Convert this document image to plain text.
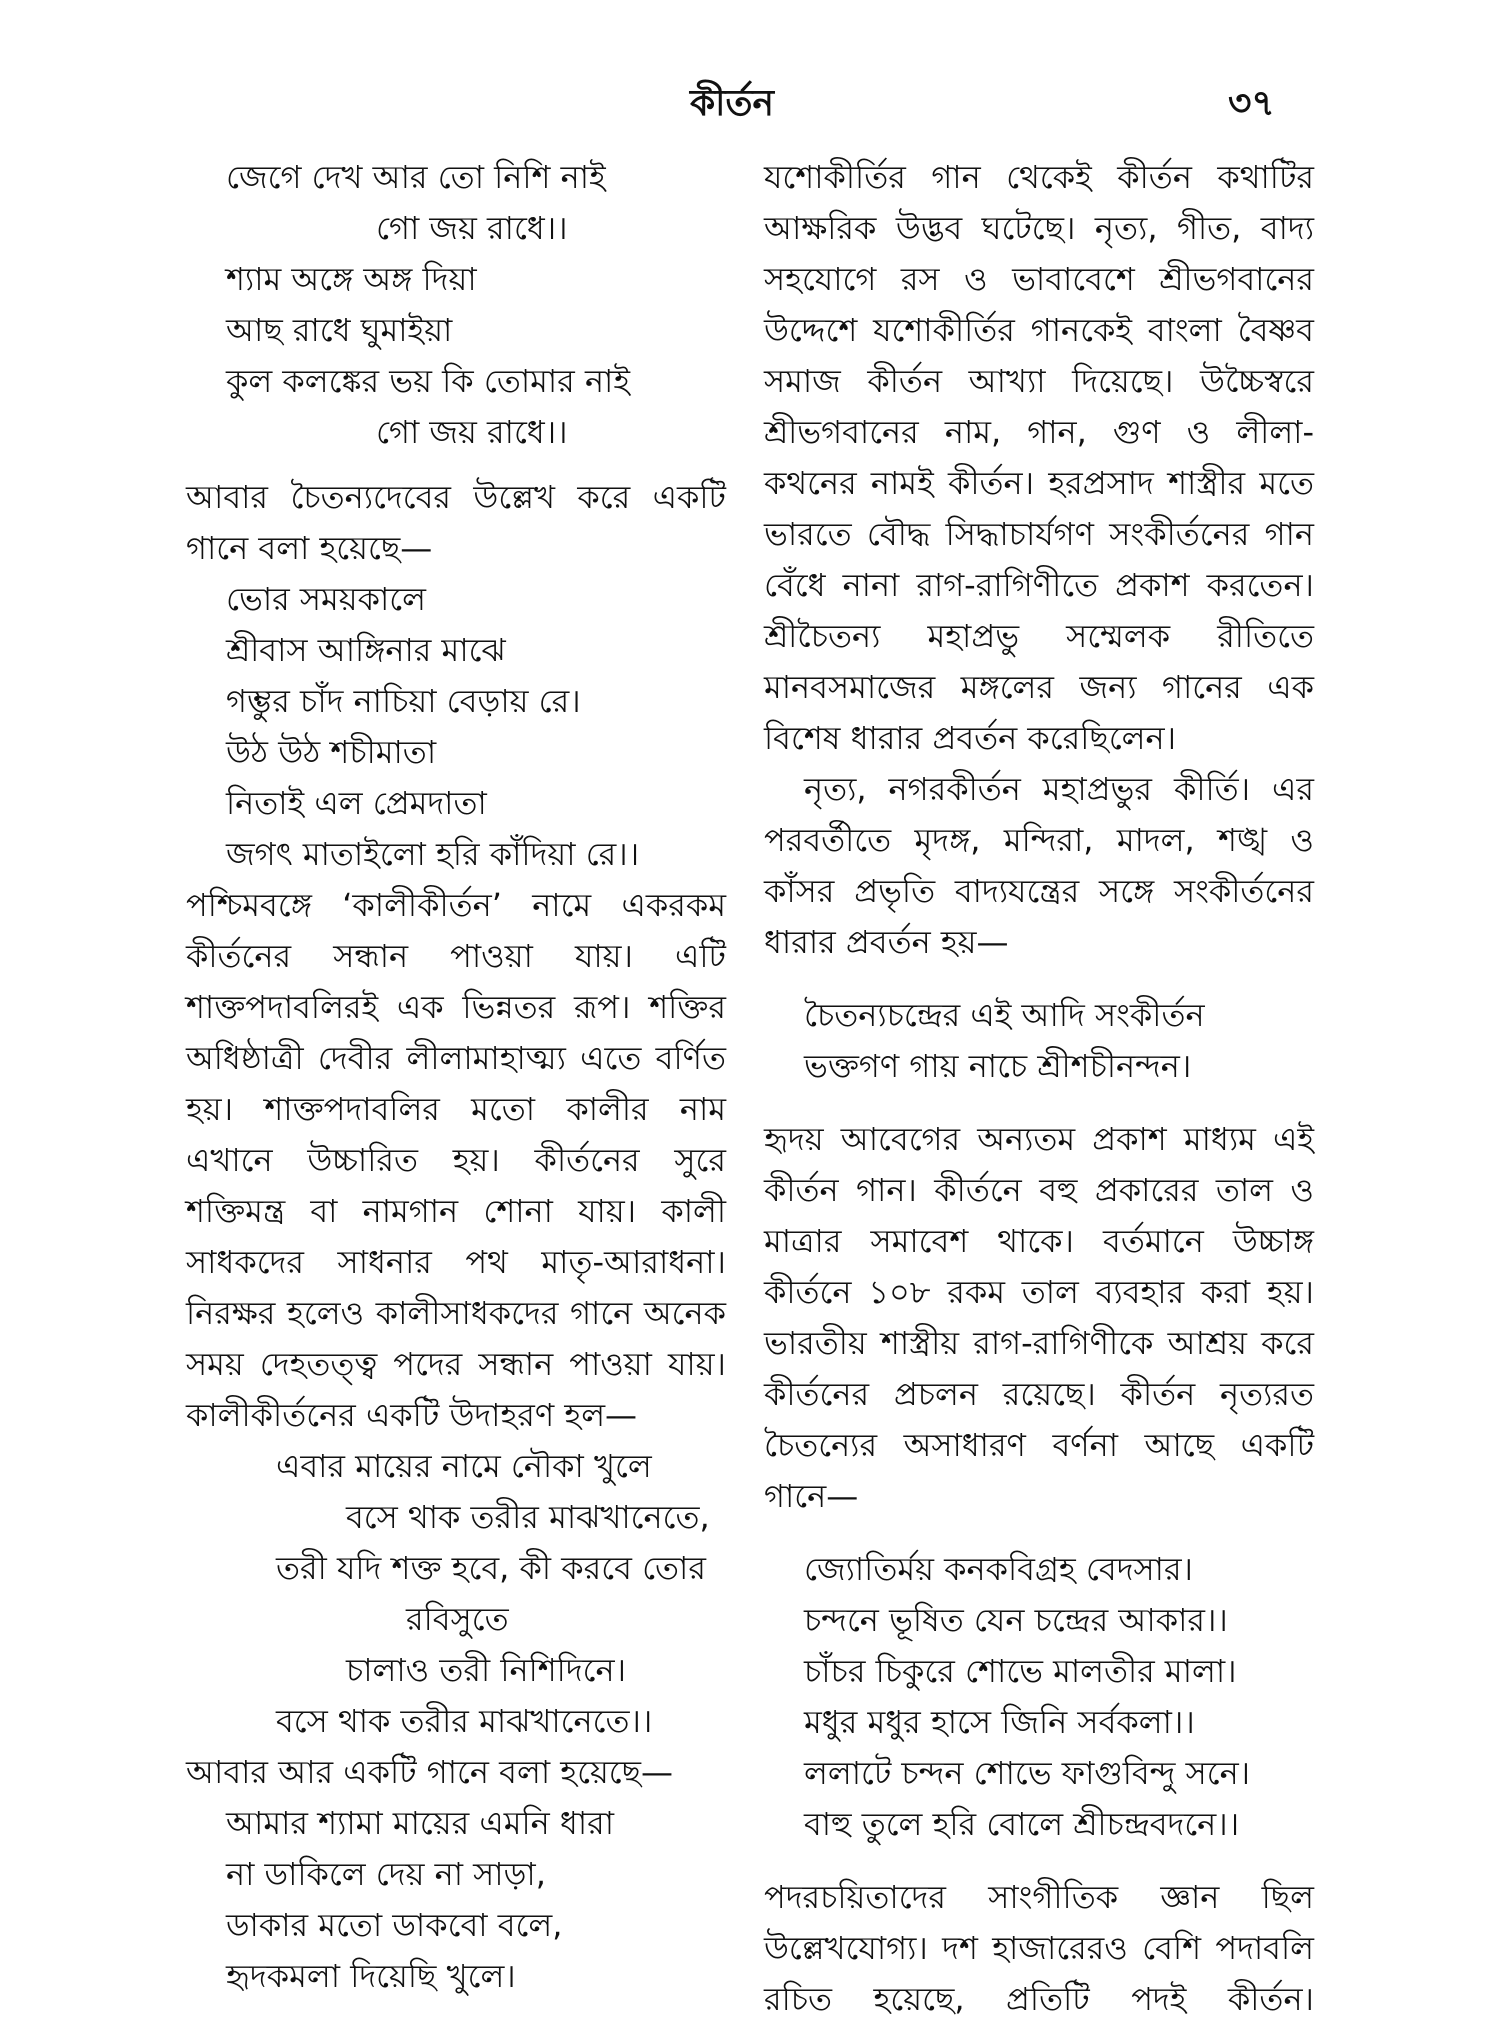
কীর্তন	৩৭
জেগে দেখ আর তো নিশি নাই
গো জয় রাধে।।
শ্যাম অঙ্গে অঙ্গ দিয়া
আছ রাধে ঘুমাইয়া
কুল কলঙ্কের ভয় কি তোমার নাই
গো জয় রাধে।।
আবার চৈতন্যদেবের উল্লেখ করে একটি
গানে বলা হয়েছে—
ভোর সময়কালে
শ্রীবাস আঙ্গিনার মাঝে
গম্ভুর চাঁদ নাচিয়া বেড়ায় রে।
উঠ উঠ শচীমাতা
নিতাই এল প্রেমদাতা
জগৎ মাতাইলো হরি কাঁদিয়া রে।।
পশ্চিমবঙ্গে ‘কালীকীর্তন’ নামে একরকম
কীর্তনের সন্ধান পাওয়া যায়। এটি
শাক্তপদাবলিরই এক ভিন্নতর রূপ। শক্তির
অধিষ্ঠাত্রী দেবীর লীলামাহাত্ম্য এতে বর্ণিত
হয়। শাক্তপদাবলির মতো কালীর নাম
এখানে উচ্চারিত হয়। কীর্তনের সুরে
শক্তিমন্ত্র বা নামগান শোনা যায়। কালী
সাধকদের সাধনার পথ মাতৃ-আরাধনা।
নিরক্ষর হলেও কালীসাধকদের গানে অনেক
সময় দেহতত্ত্ব পদের সন্ধান পাওয়া যায়।
কালীকীর্তনের একটি উদাহরণ হল—
এবার মায়ের নামে নৌকা খুলে
বসে থাক তরীর মাঝখানেতে,
তরী যদি শক্ত হবে, কী করবে তোর
রবিসুতে
চালাও তরী নিশিদিনে।
বসে থাক তরীর মাঝখানেতে।।
আবার আর একটি গানে বলা হয়েছে—
আমার শ্যামা মায়ের এমনি ধারা
না ডাকিলে দেয় না সাড়া,
ডাকার মতো ডাকবো বলে,
হৃদকমলা দিয়েছি খুলে।
যশোকীর্তির গান থেকেই কীর্তন কথাটির
আক্ষরিক উদ্ভব ঘটেছে। নৃত্য, গীত, বাদ্য
সহযোগে রস ও ভাবাবেশে শ্রীভগবানের
উদ্দেশে যশোকীর্তির গানকেই বাংলা বৈষ্ণব
সমাজ কীর্তন আখ্যা দিয়েছে। উচ্চৈস্বরে
শ্রীভগবানের নাম, গান, গুণ ও লীলা-
কথনের নামই কীর্তন। হরপ্রসাদ শাস্ত্রীর মতে
ভারতে বৌদ্ধ সিদ্ধাচার্যগণ সংকীর্তনের গান
বেঁধে নানা রাগ-রাগিণীতে প্রকাশ করতেন।
শ্রীচৈতন্য মহাপ্রভু সম্মেলক রীতিতে
মানবসমাজের মঙ্গলের জন্য গানের এক
বিশেষ ধারার প্রবর্তন করেছিলেন।
নৃত্য, নগরকীর্তন মহাপ্রভুর কীর্তি। এর
পরবর্তীতে মৃদঙ্গ, মন্দিরা, মাদল, শঙ্খ ও
কাঁসর প্রভৃতি বাদ্যযন্ত্রের সঙ্গে সংকীর্তনের
ধারার প্রবর্তন হয়—
চৈতন্যচন্দ্রের এই আদি সংকীর্তন
ভক্তগণ গায় নাচে শ্রীশচীনন্দন।
হৃদয় আবেগের অন্যতম প্রকাশ মাধ্যম এই
কীর্তন গান। কীর্তনে বহু প্রকারের তাল ও
মাত্রার সমাবেশ থাকে। বর্তমানে উচ্চাঙ্গ
কীর্তনে ১০৮ রকম তাল ব্যবহার করা হয়।
ভারতীয় শাস্ত্রীয় রাগ-রাগিণীকে আশ্রয় করে
কীর্তনের প্রচলন রয়েছে। কীর্তন নৃত্যরত
চৈতন্যের অসাধারণ বর্ণনা আছে একটি
গানে—
জ্যোতির্ময় কনকবিগ্রহ বেদসার।
চন্দনে ভূষিত যেন চন্দ্রের আকার।।
চাঁচর চিকুরে শোভে মালতীর মালা।
মধুর মধুর হাসে জিনি সর্বকলা।।
ললাটে চন্দন শোভে ফাগুবিন্দু সনে।
বাহু তুলে হরি বোলে শ্রীচন্দ্রবদনে।।
পদরচয়িতাদের সাংগীতিক জ্ঞান ছিল
উল্লেখযোগ্য। দশ হাজারেরও বেশি পদাবলি
রচিত হয়েছে, প্রতিটি পদই কীর্তন।
